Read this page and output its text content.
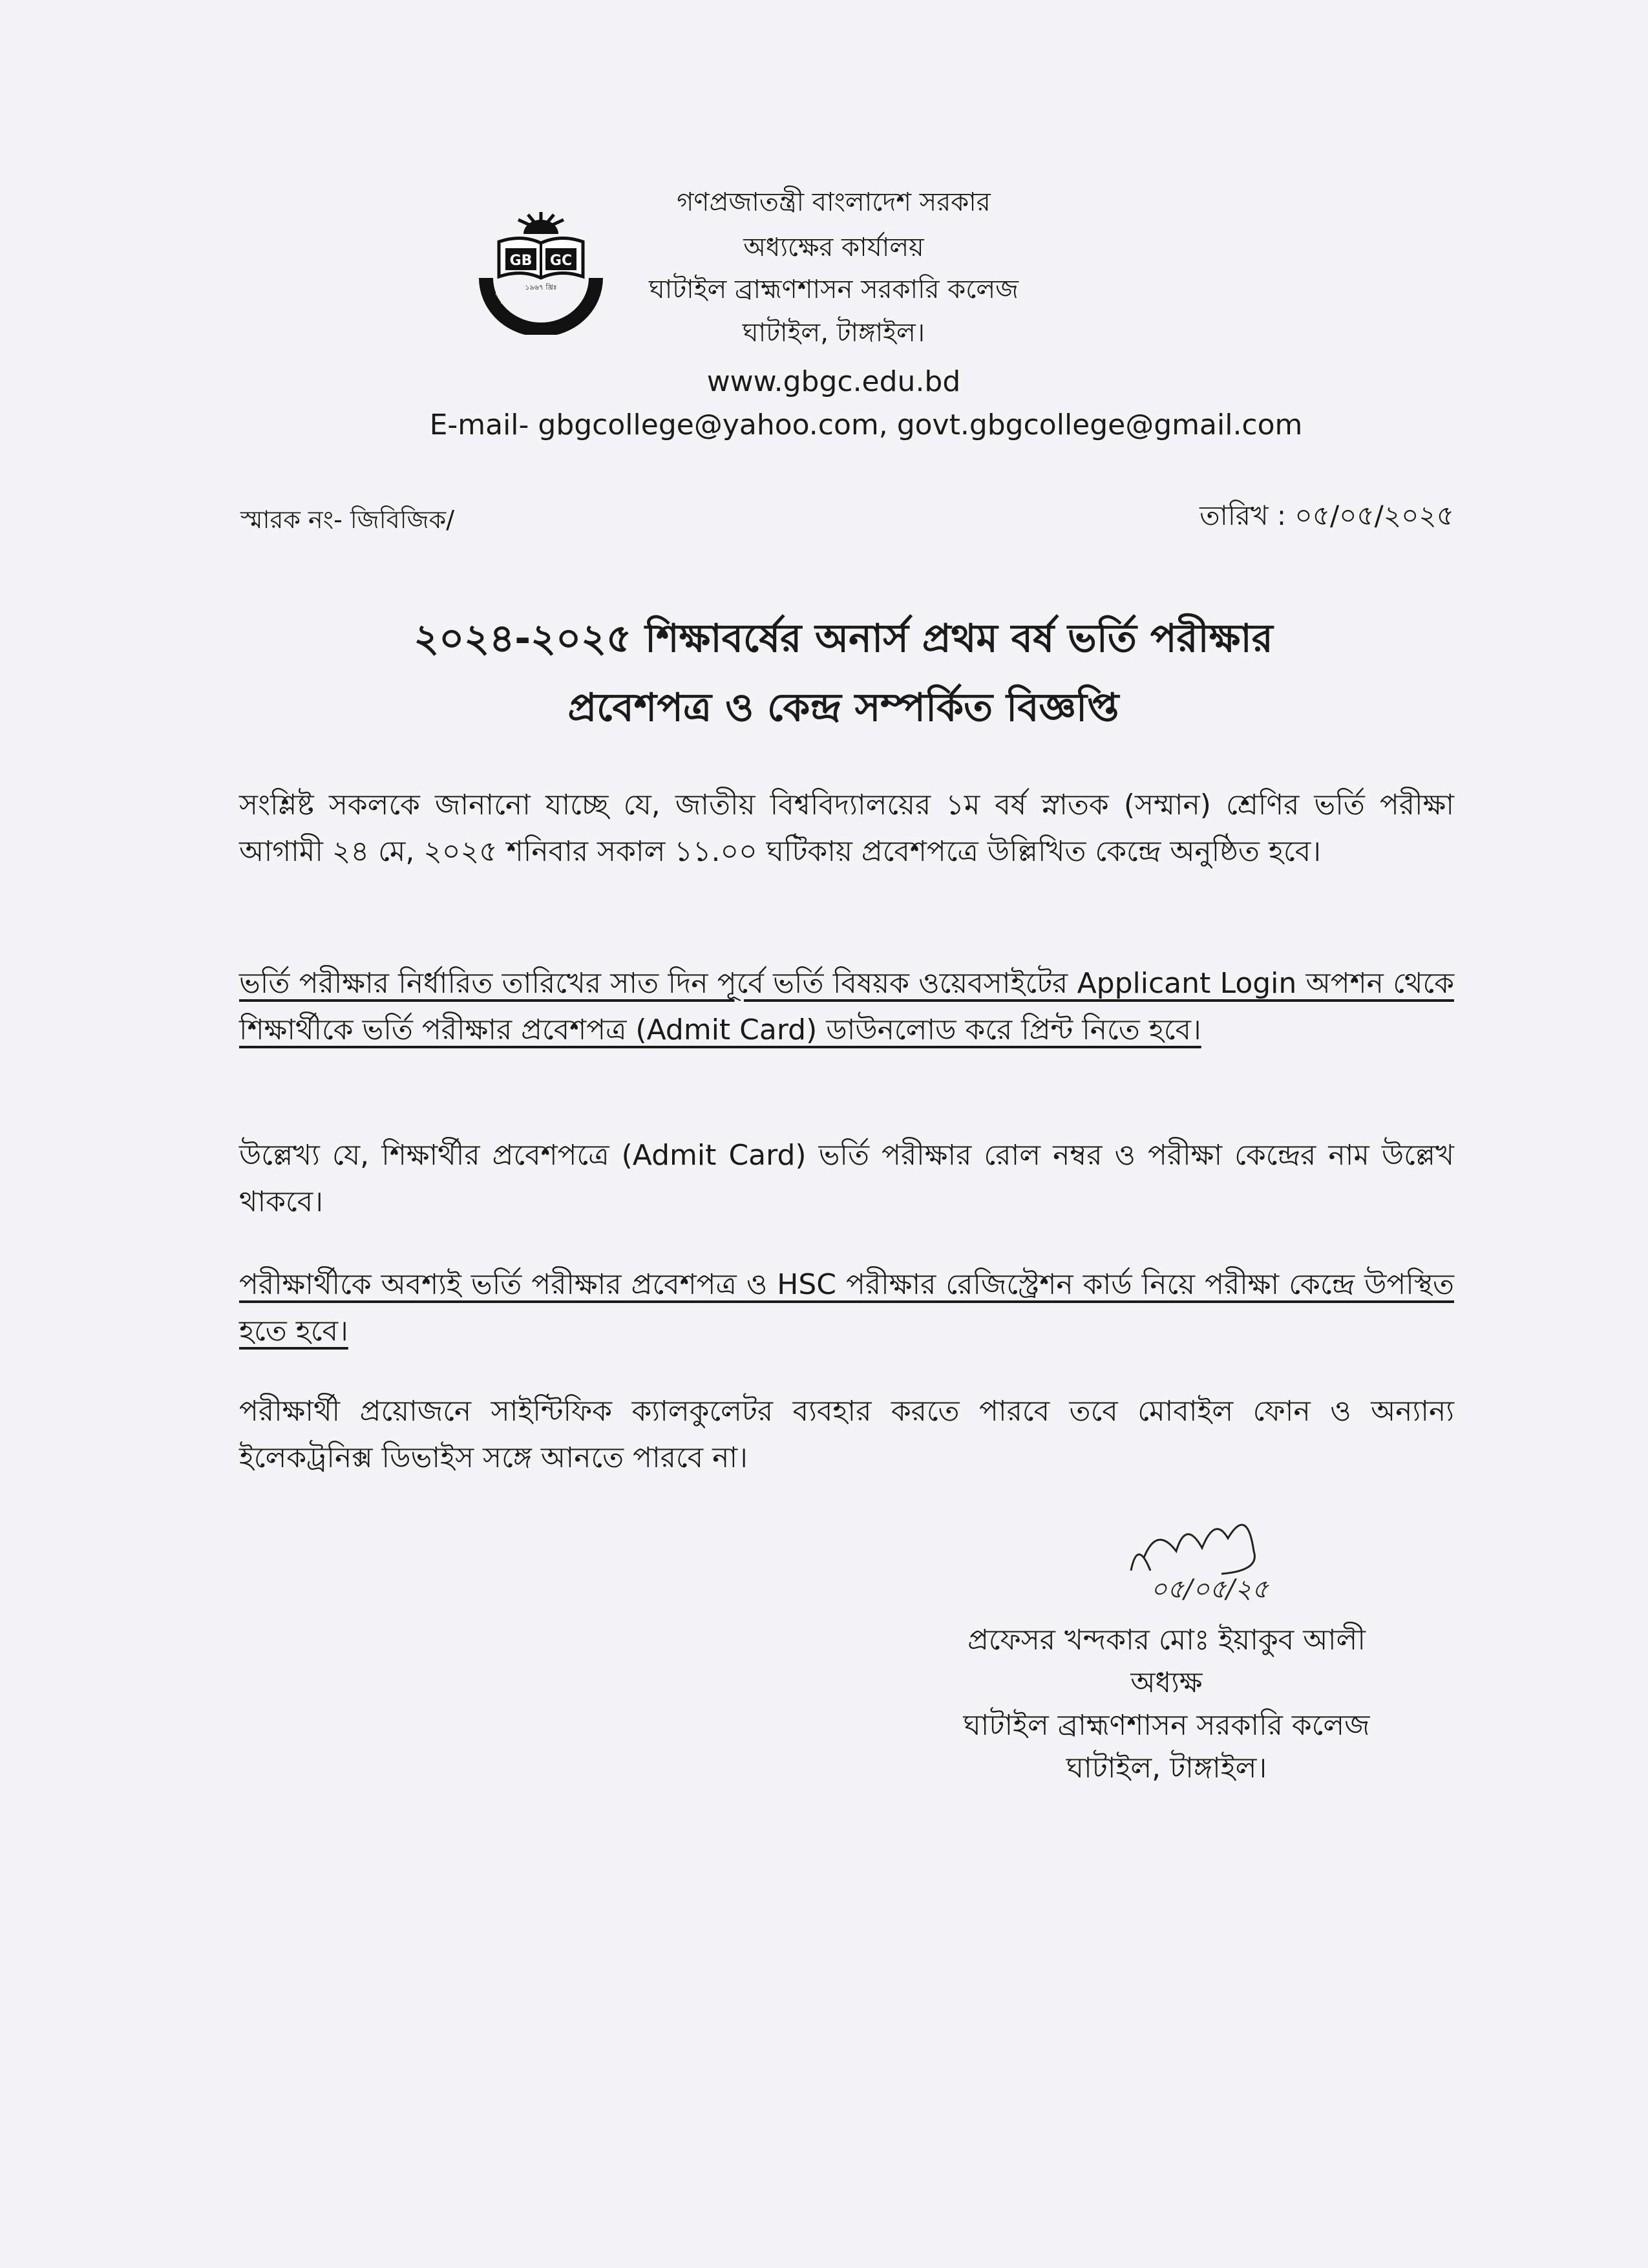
ঘাটাইল ব্রাহ্মণশাসন সরকারি কলেজ
GB GC
১৯৬৭ খ্রিঃ
গণপ্রজাতন্ত্রী বাংলাদেশ সরকার
অধ্যক্ষের কার্যালয়
ঘাটাইল ব্রাহ্মণশাসন সরকারি কলেজ
ঘাটাইল, টাঙ্গাইল।
www.gbgc.edu.bd
E-mail- gbgcollege@yahoo.com, govt.gbgcollege@gmail.com
স্মারক নং- জিবিজিক/	তারিখ : ০৫/০৫/২০২৫
২০২৪-২০২৫ শিক্ষাবর্ষের অনার্স প্রথম বর্ষ ভর্তি পরীক্ষার
প্রবেশপত্র ও কেন্দ্র সম্পর্কিত বিজ্ঞপ্তি
সংশ্লিষ্ট সকলকে জানানো যাচ্ছে যে, জাতীয় বিশ্ববিদ্যালয়ের ১ম বর্ষ স্নাতক (সম্মান) শ্রেণির ভর্তি পরীক্ষা আগামী ২৪ মে, ২০২৫ শনিবার সকাল ১১.০০ ঘটিকায় প্রবেশপত্রে উল্লিখিত কেন্দ্রে অনুষ্ঠিত হবে।
ভর্তি পরীক্ষার নির্ধারিত তারিখের সাত দিন পূর্বে ভর্তি বিষয়ক ওয়েবসাইটের Applicant Login অপশন থেকে শিক্ষার্থীকে ভর্তি পরীক্ষার প্রবেশপত্র (Admit Card) ডাউনলোড করে প্রিন্ট নিতে হবে।
উল্লেখ্য যে, শিক্ষার্থীর প্রবেশপত্রে (Admit Card) ভর্তি পরীক্ষার রোল নম্বর ও পরীক্ষা কেন্দ্রের নাম উল্লেখ থাকবে।
পরীক্ষার্থীকে অবশ্যই ভর্তি পরীক্ষার প্রবেশপত্র ও HSC পরীক্ষার রেজিস্ট্রেশন কার্ড নিয়ে পরীক্ষা কেন্দ্রে উপস্থিত হতে হবে।
পরীক্ষার্থী প্রয়োজনে সাইন্টিফিক ক্যালকুলেটর ব্যবহার করতে পারবে তবে মোবাইল ফোন ও অন্যান্য ইলেকট্রনিক্স ডিভাইস সঙ্গে আনতে পারবে না।
০৫/০৫/২৫
প্রফেসর খন্দকার মোঃ ইয়াকুব আলী
অধ্যক্ষ
ঘাটাইল ব্রাহ্মণশাসন সরকারি কলেজ
ঘাটাইল, টাঙ্গাইল।
